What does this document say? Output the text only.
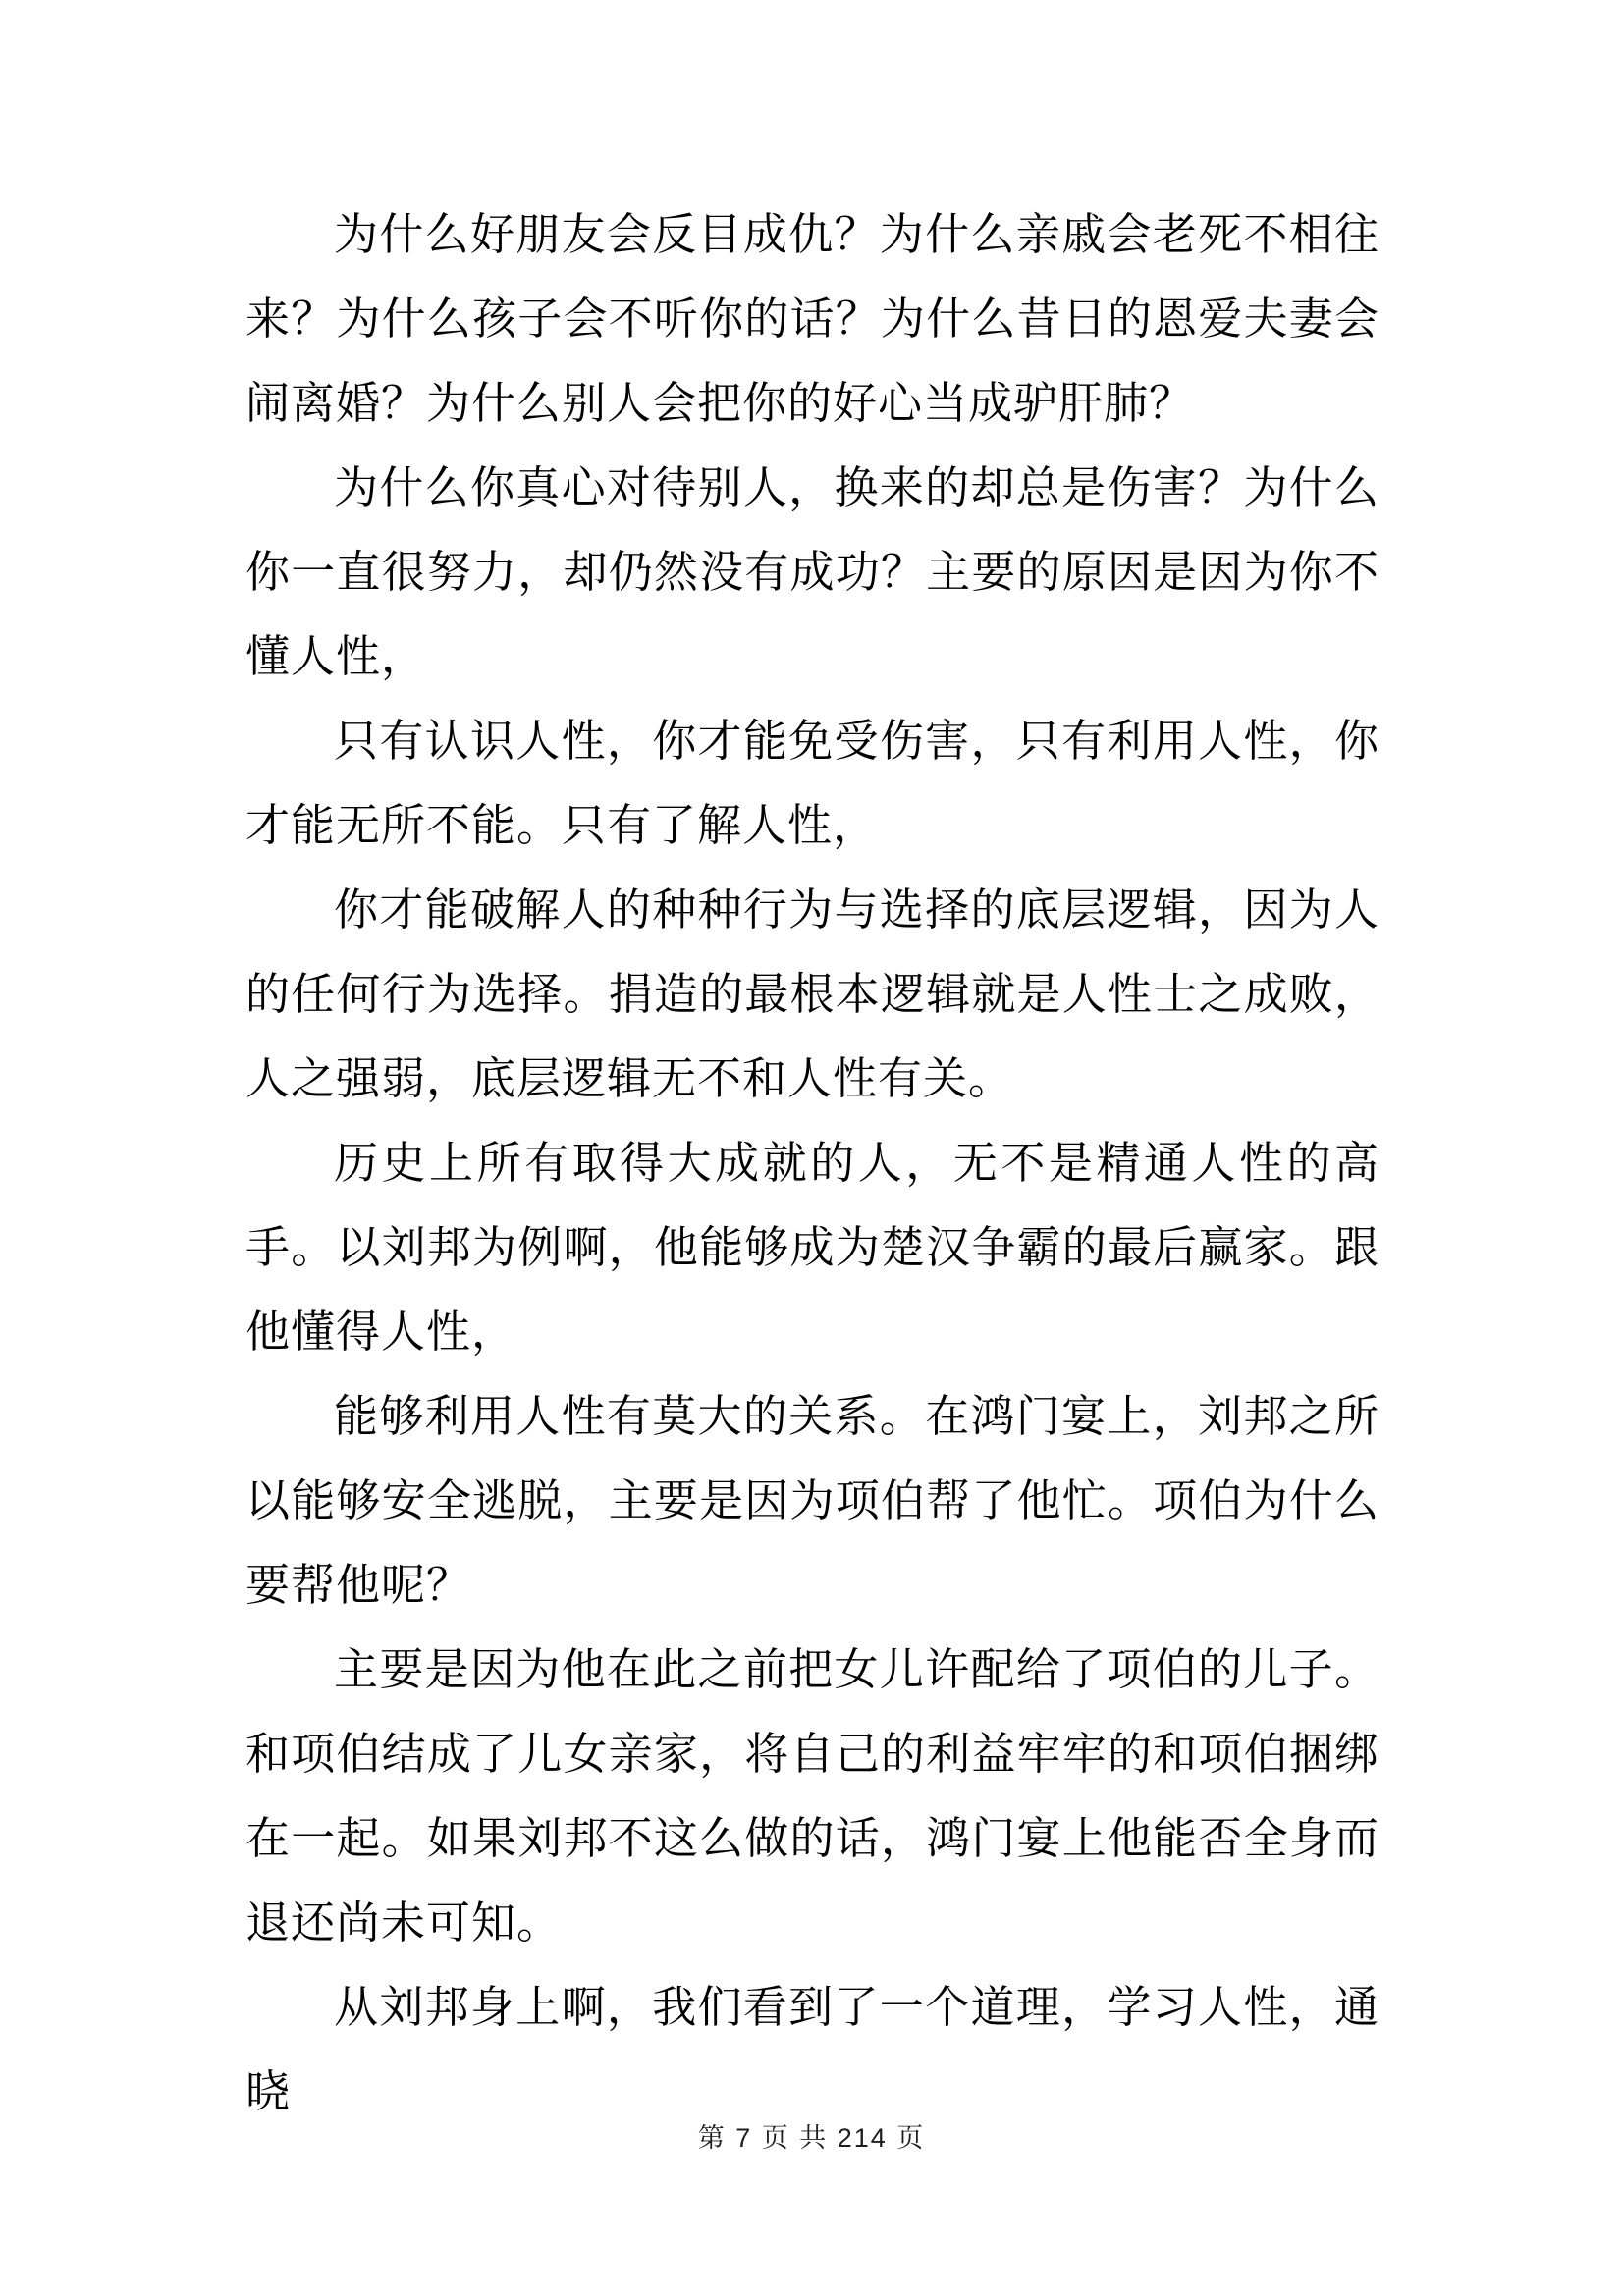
为什么好朋友会反目成仇？为什么亲戚会老死不相往来？为什么孩子会不听你的话？为什么昔日的恩爱夫妻会闹离婚？为什么别人会把你的好心当成驴肝肺？

为什么你真心对待别人，换来的却总是伤害？为什么你一直很努力，却仍然没有成功？主要的原因是因为你不懂人性，

只有认识人性，你才能免受伤害，只有利用人性，你才能无所不能。只有了解人性，

你才能破解人的种种行为与选择的底层逻辑，因为人的任何行为选择。捐造的最根本逻辑就是人性士之成败，人之强弱，底层逻辑无不和人性有关。

历史上所有取得大成就的人，无不是精通人性的高手。以刘邦为例啊，他能够成为楚汉争霸的最后赢家。跟他懂得人性，

能够利用人性有莫大的关系。在鸿门宴上，刘邦之所以能够安全逃脱，主要是因为项伯帮了他忙。项伯为什么要帮他呢？

主要是因为他在此之前把女儿许配给了项伯的儿子。和项伯结成了儿女亲家，将自己的利益牢牢的和项伯捆绑在一起。如果刘邦不这么做的话，鸿门宴上他能否全身而退还尚未可知。

从刘邦身上啊，我们看到了一个道理，学习人性，通晓

第 7 页 共 214 页
